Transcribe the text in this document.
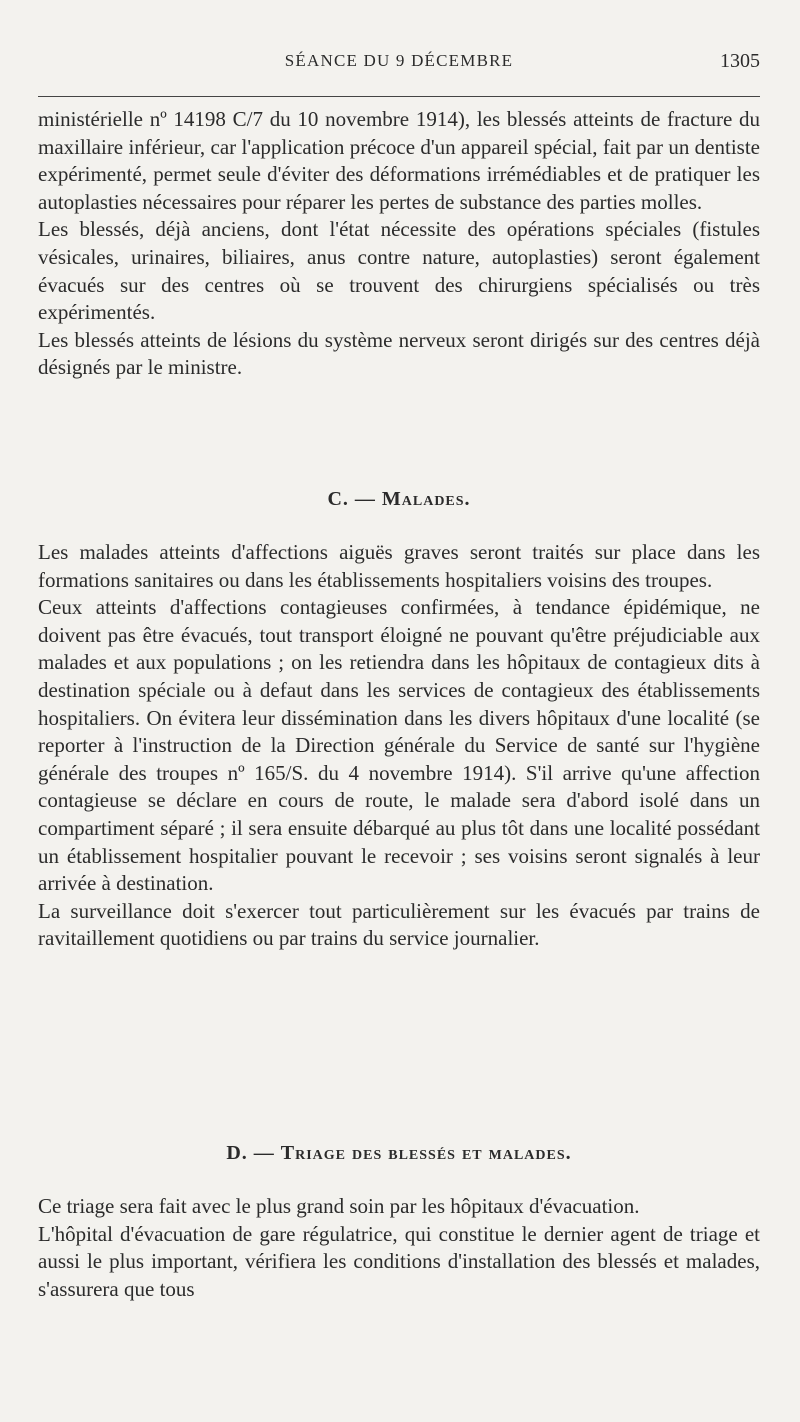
SÉANCE DU 9 DÉCEMBRE	1305

ministérielle nº 14198 C/7 du 10 novembre 1914), les blessés atteints de fracture du maxillaire inférieur, car l'application précoce d'un appareil spécial, fait par un dentiste expérimenté, permet seule d'éviter des déformations irrémédiables et de pratiquer les autoplasties nécessaires pour réparer les pertes de substance des parties molles.

Les blessés, déjà anciens, dont l'état nécessite des opérations spéciales (fistules vésicales, urinaires, biliaires, anus contre nature, autoplasties) seront également évacués sur des centres où se trouvent des chirurgiens spécialisés ou très expérimentés.

Les blessés atteints de lésions du système nerveux seront dirigés sur des centres déjà désignés par le ministre.

C. — Malades.

Les malades atteints d'affections aiguës graves seront traités sur place dans les formations sanitaires ou dans les établissements hospitaliers voisins des troupes.

Ceux atteints d'affections contagieuses confirmées, à tendance épidémique, ne doivent pas être évacués, tout transport éloigné ne pouvant qu'être préjudiciable aux malades et aux populations ; on les retiendra dans les hôpitaux de contagieux dits à destination spéciale ou à defaut dans les services de contagieux des établissements hospitaliers. On évitera leur dissémination dans les divers hôpitaux d'une localité (se reporter à l'instruction de la Direction générale du Service de santé sur l'hygiène générale des troupes nº 165/S. du 4 novembre 1914). S'il arrive qu'une affection contagieuse se déclare en cours de route, le malade sera d'abord isolé dans un compartiment séparé ; il sera ensuite débarqué au plus tôt dans une localité possédant un établissement hospitalier pouvant le recevoir ; ses voisins seront signalés à leur arrivée à destination.

La surveillance doit s'exercer tout particulièrement sur les évacués par trains de ravitaillement quotidiens ou par trains du service journalier.

D. — Triage des blessés et malades.

Ce triage sera fait avec le plus grand soin par les hôpitaux d'évacuation.

L'hôpital d'évacuation de gare régulatrice, qui constitue le dernier agent de triage et aussi le plus important, vérifiera les conditions d'installation des blessés et malades, s'assurera que tous
